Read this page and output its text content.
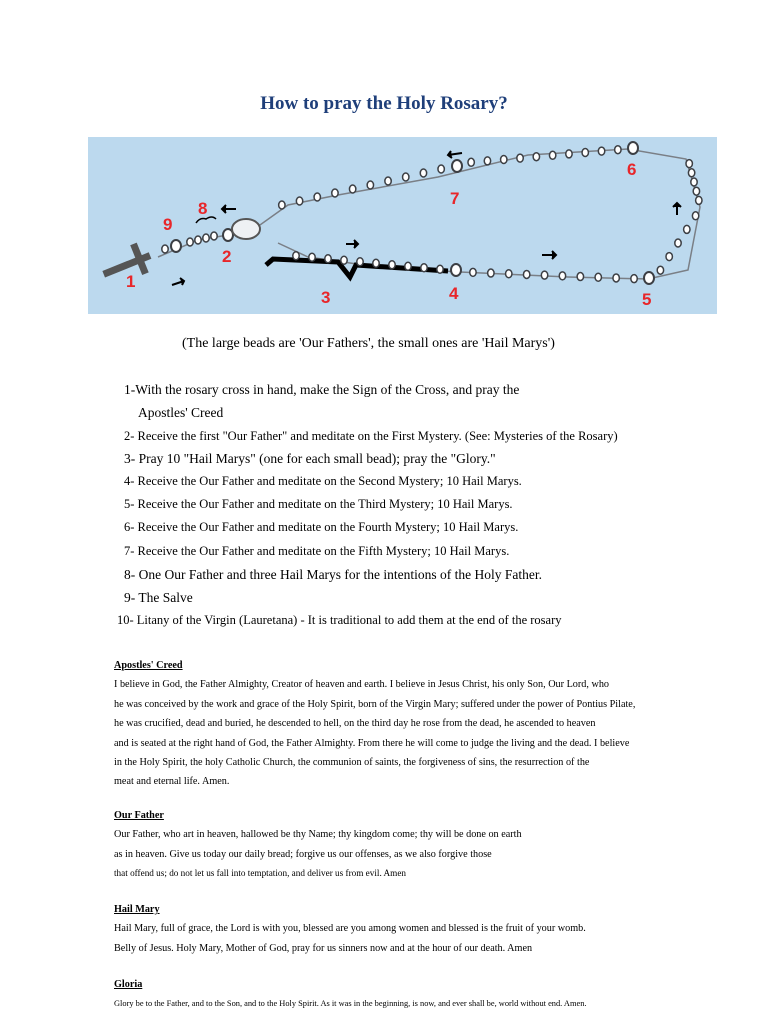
How to pray the Holy Rosary?
1
2
3	4	5
6
7
8
9
(The large beads are 'Our Fathers', the small ones are 'Hail Marys')
1-With the rosary cross in hand, make the Sign of the Cross, and pray the
Apostles' Creed
2- Receive the first "Our Father" and meditate on the First Mystery. (See: Mysteries of the Rosary)
3- Pray 10 "Hail Marys" (one for each small bead); pray the "Glory."
4- Receive the Our Father and meditate on the Second Mystery; 10 Hail Marys.
5- Receive the Our Father and meditate on the Third Mystery; 10 Hail Marys.
6- Receive the Our Father and meditate on the Fourth Mystery; 10 Hail Marys.
7- Receive the Our Father and meditate on the Fifth Mystery; 10 Hail Marys.
8- One Our Father and three Hail Marys for the intentions of the Holy Father.
9- The Salve
10- Litany of the Virgin (Lauretana) - It is traditional to add them at the end of the rosary
Apostles' Creed
I believe in God, the Father Almighty, Creator of heaven and earth. I believe in Jesus Christ, his only Son, Our Lord, who
he was conceived by the work and grace of the Holy Spirit, born of the Virgin Mary; suffered under the power of Pontius Pilate,
he was crucified, dead and buried, he descended to hell, on the third day he rose from the dead, he ascended to heaven
and is seated at the right hand of God, the Father Almighty. From there he will come to judge the living and the dead. I believe
in the Holy Spirit, the holy Catholic Church, the communion of saints, the forgiveness of sins, the resurrection of the
meat and eternal life. Amen.
Our Father
Our Father, who art in heaven, hallowed be thy Name; thy kingdom come; thy will be done on earth
as in heaven. Give us today our daily bread; forgive us our offenses, as we also forgive those
that offend us; do not let us fall into temptation, and deliver us from evil. Amen
Hail Mary
Hail Mary, full of grace, the Lord is with you, blessed are you among women and blessed is the fruit of your womb.
Belly of Jesus. Holy Mary, Mother of God, pray for us sinners now and at the hour of our death. Amen
Gloria
Glory be to the Father, and to the Son, and to the Holy Spirit. As it was in the beginning, is now, and ever shall be, world without end. Amen.
